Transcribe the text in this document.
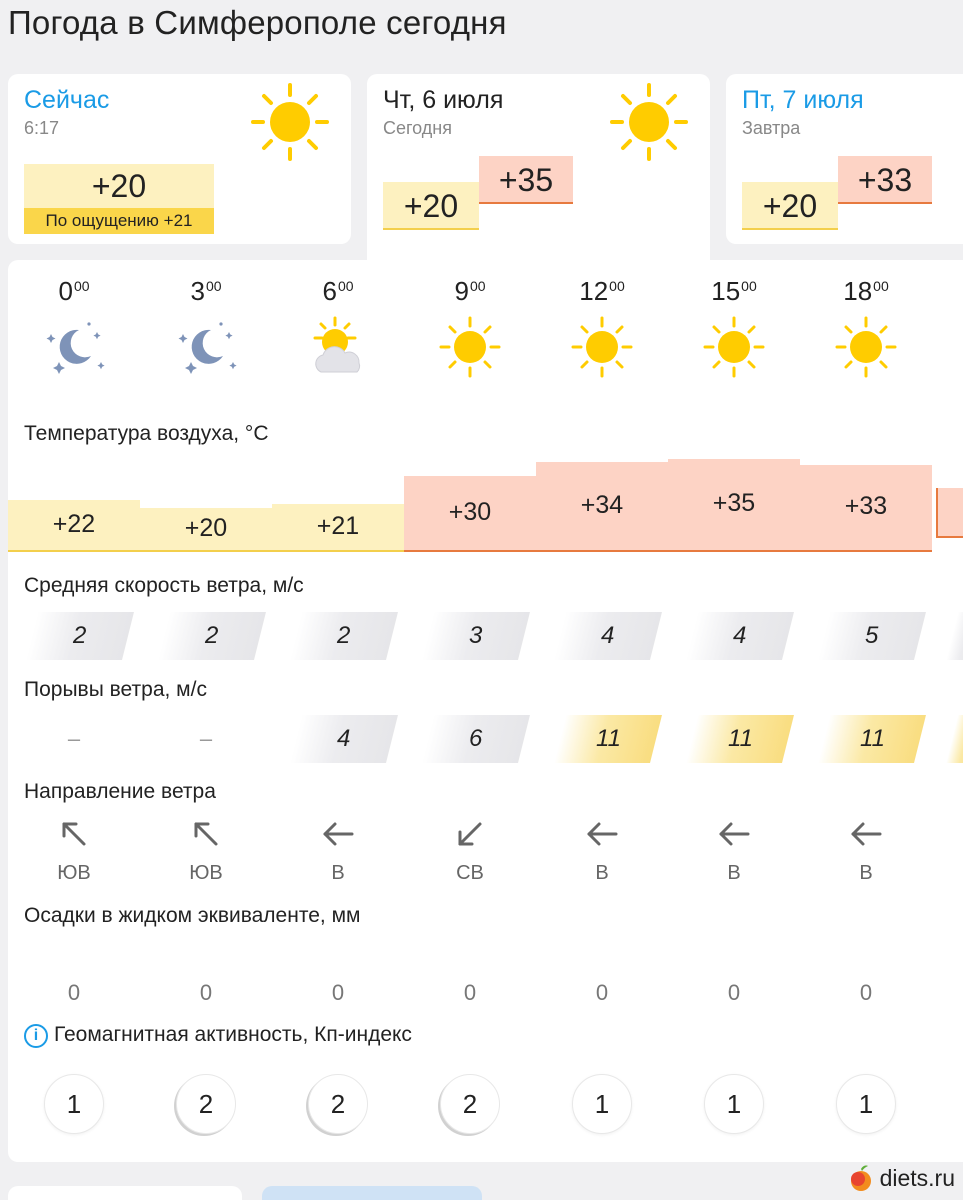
Погода в Симферополе сегодня
Сейчас
6:17
+20
По ощущению +21
Чт, 6 июля
Сегодня
+20
+35
Пт, 7 июля
Завтра
+20
+33
$0^{00}$
+22
2
–
ЮВ
0
1
$3^{00}$
+20
2
–
ЮВ
0
2
$6^{00}$
+21
2
4
В
0
2
$9^{00}$
+30
3
6
СВ
0
2
$12^{00}$
+34
4
11
В
0
1
$15^{00}$
+35
4
11
В
0
1
$18^{00}$
+33
5
11
В
0
1
Температура воздуха, °С
Средняя скорость ветра, м/с
Порывы ветра, м/с
Направление ветра
Осадки в жидком эквиваленте, мм
i Геомагнитная активность, Кп-индекс
diets.ru
